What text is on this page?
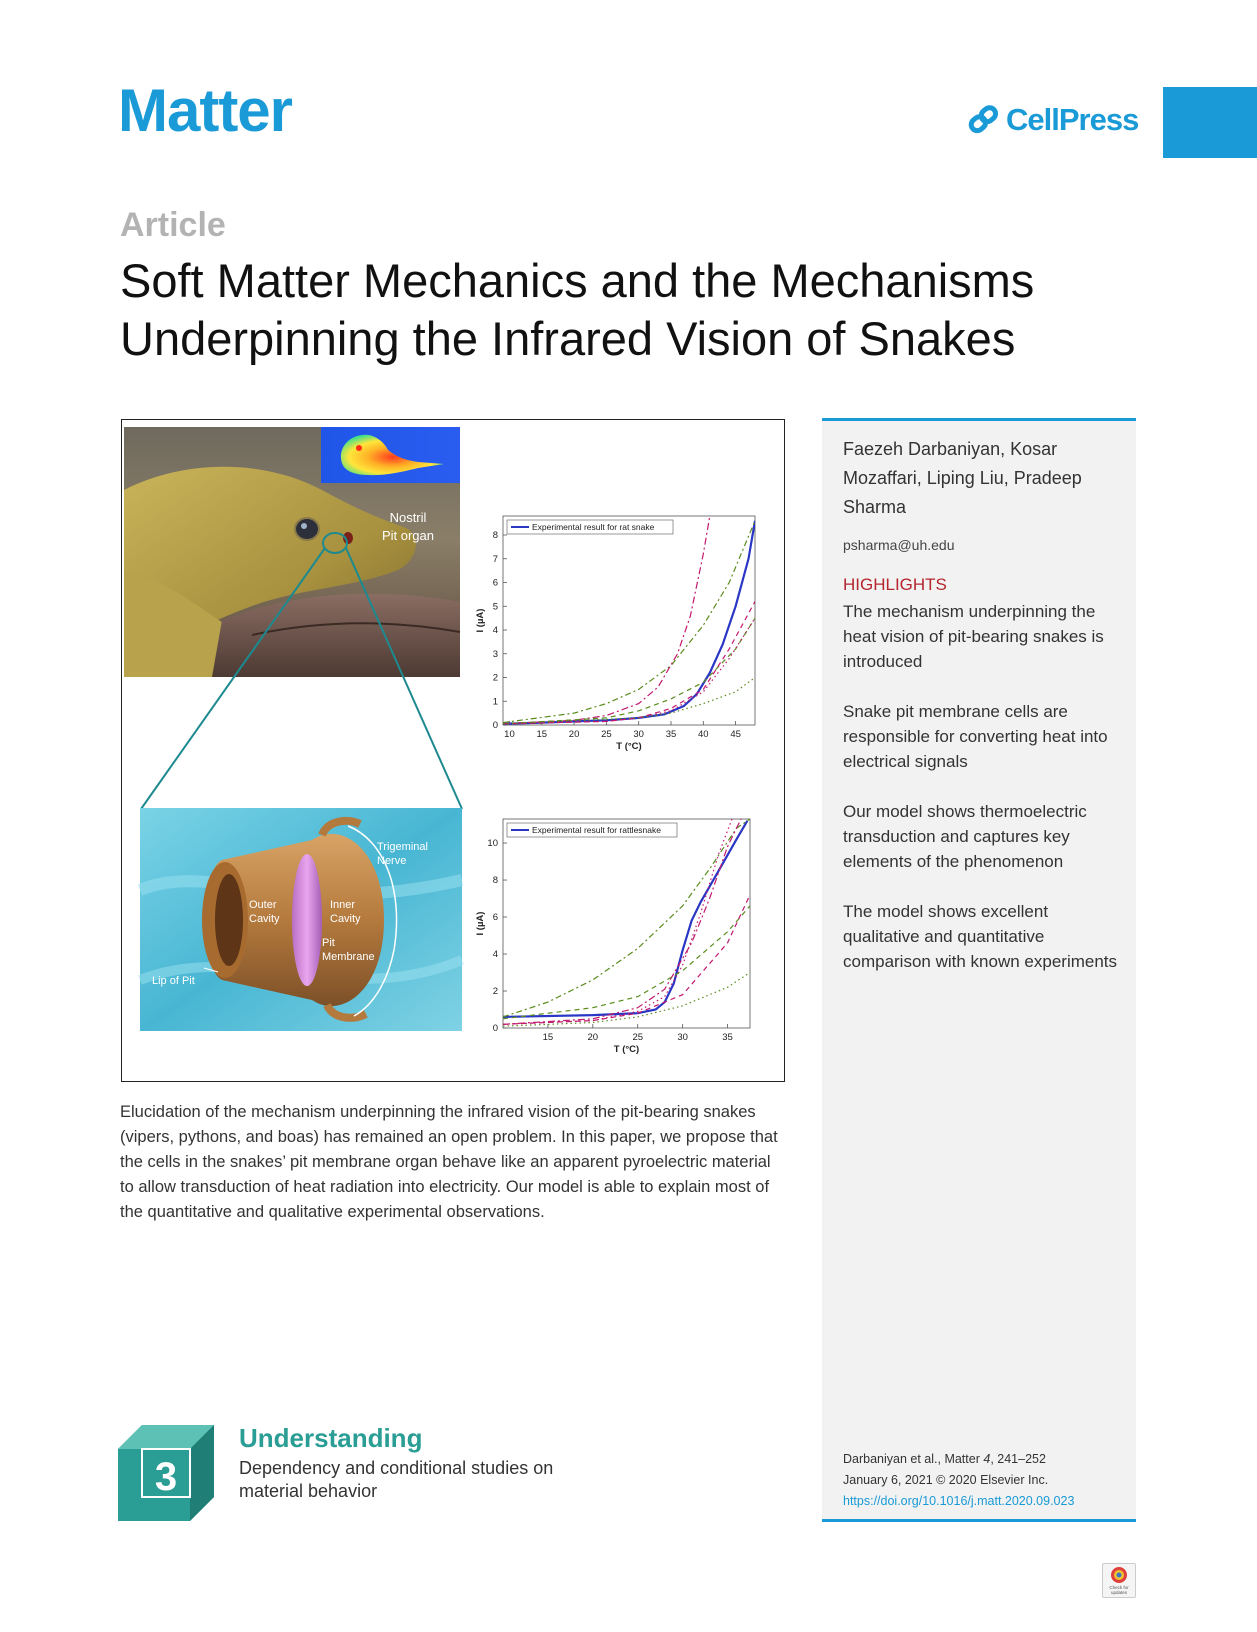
Matter	CellPress
Article
Soft Matter Mechanics and the Mechanisms Underpinning the Infrared Vision of Snakes
Nostril
Pit organ
Trigeminal
Nerve
Outer
Cavity
Inner
Cavity
Pit
Membrane
Lip of Pit
10 15 20 25 30 35 40 45
0
1
2
3
4
5
6
7
8
T (°C)
I (µA)
Experimental result for rat snake
15	20	25	30	35
0
2
4
6
8
10
T (°C)
I (µA)
Experimental result for rattlesnake
Faezeh Darbaniyan, Kosar Mozaffari, Liping Liu, Pradeep Sharma
psharma@uh.edu
HIGHLIGHTS
The mechanism underpinning the heat vision of pit-bearing snakes is introduced
Snake pit membrane cells are responsible for converting heat into electrical signals
Our model shows thermoelectric transduction and captures key elements of the phenomenon
The model shows excellent qualitative and quantitative comparison with known experiments
Darbaniyan et al., Matter 4, 241–252
January 6, 2021 © 2020 Elsevier Inc.
https://doi.org/10.1016/j.matt.2020.09.023
Elucidation of the mechanism underpinning the infrared vision of the pit-bearing snakes (vipers, pythons, and boas) has remained an open problem. In this paper, we propose that the cells in the snakes’ pit membrane organ behave like an apparent pyroelectric material to allow transduction of heat radiation into electricity. Our model is able to explain most of the quantitative and qualitative experimental observations.
3
Understanding
Dependency and conditional studies on material behavior
Check for
updates
